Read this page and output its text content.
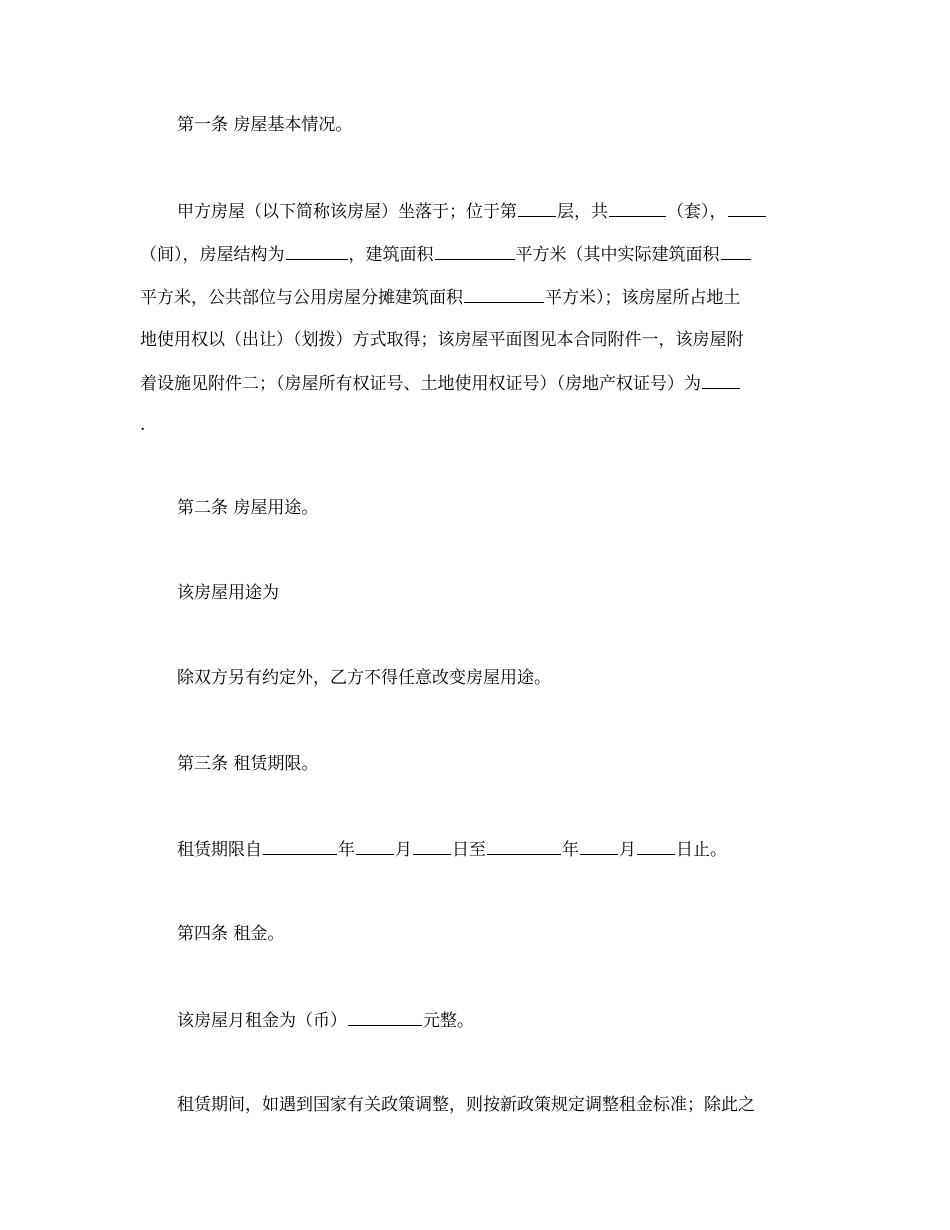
第一条 房屋基本情况。
甲方房屋（以下简称该房屋）坐落于；位于第 层，共	（套），
（间），房屋结构为	，建筑面积	平方米（其中实际建筑面积
平方米，公共部位与公用房屋分摊建筑面积	平方米）；该房屋所占地土
地使用权以（出让）（划拨）方式取得；该房屋平面图见本合同附件一，该房屋附
着设施见附件二；（房屋所有权证号、土地使用权证号）（房地产权证号）为
.
第二条 房屋用途。
该房屋用途为
除双方另有约定外，乙方不得任意改变房屋用途。
第三条 租赁期限。
租赁期限自	年 月 日至	年 月 日止。
第四条 租金。
该房屋月租金为（币）	元整。
租赁期间，如遇到国家有关政策调整，则按新政策规定调整租金标准；除此之
